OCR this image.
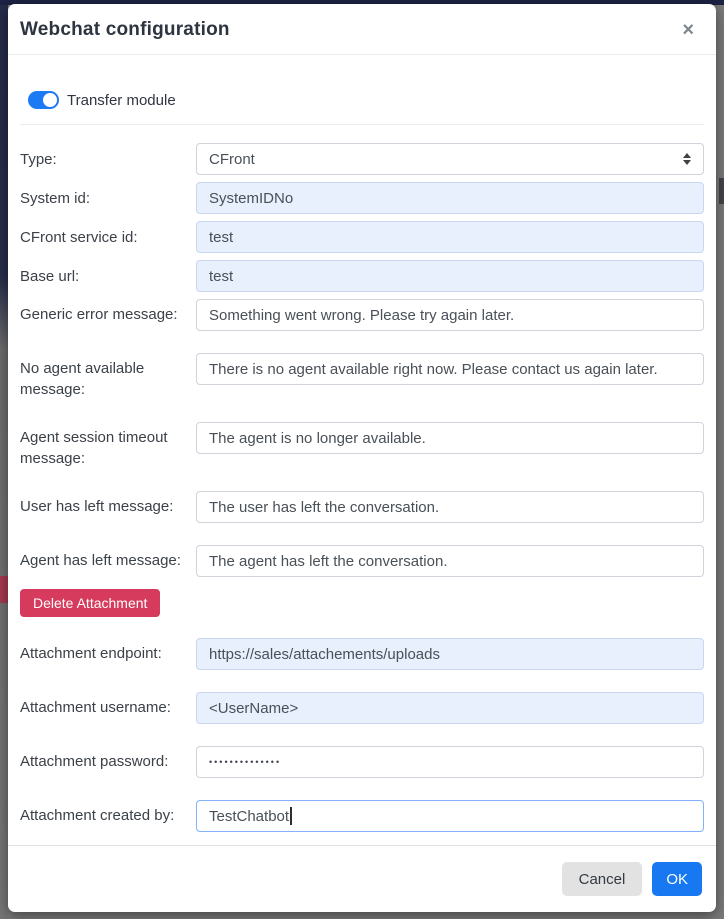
Webchat configuration	×
Transfer module
Type:	CFront
System id:	SystemIDNo
CFront service id:	test
Base url:	test
Generic error message:	Something went wrong. Please try again later.
No agent available message:
There is no agent available right now. Please contact us again later.
Agent session timeout message:
The agent is no longer available.
User has left message:	The user has left the conversation.
Agent has left message:	The agent has left the conversation.
Delete Attachment
Attachment endpoint:	https://sales/attachements/uploads
Attachment username:	<UserName>
Attachment password:	••••••••••••••
Attachment created by:	TestChatbot
Cancel	OK
